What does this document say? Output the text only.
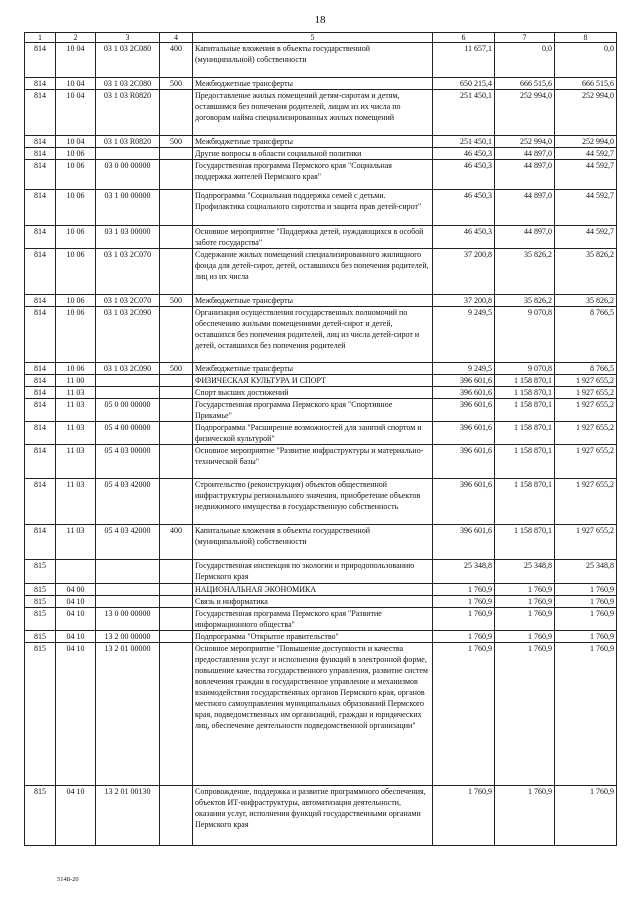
18
1	2	3	4	5	6	7	8
814	10 04	03 1 03 2С080	400	Капитальные вложения в объекты государственной (муниципальной) собственности	11 657,1	0,0	0,0
814	10 04	03 1 03 2С080	500	Межбюджетные трансферты	650 215,4	666 515,6	666 515,6
814	10 04	03 1 03 R0820		Предоставление жилых помещений детям-сиротам и детям, оставшимся без попечения родителей, лицам из их числа по договорам найма специализированных жилых помещений	251 450,1	252 994,0	252 994,0
814	10 04	03 1 03 R0820	500	Межбюджетные трансферты	251 450,1	252 994,0	252 994,0
814	10 06			Другие вопросы в области социальной политики	46 450,3	44 897,0	44 592,7
814	10 06	03 0 00 00000		Государственная программа Пермского края "Социальная поддержка жителей Пермского края"	46 450,3	44 897,0	44 592,7
814	10 06	03 1 00 00000		Подпрограмма "Социальная поддержка семей с детьми. Профилактика социального сиротства и защита прав детей-сирот"	46 450,3	44 897,0	44 592,7
814	10 06	03 1 03 00000		Основное мероприятие "Поддержка детей, нуждающихся в особой заботе государства"	46 450,3	44 897,0	44 592,7
814	10 06	03 1 03 2С070		Содержание жилых помещений специализированного жилищного фонда для детей-сирот, детей, оставшихся без попечения родителей, лиц из их числа	37 200,8	35 826,2	35 826,2
814	10 06	03 1 03 2С070	500	Межбюджетные трансферты	37 200,8	35 826,2	35 826,2
814	10 06	03 1 03 2С090		Организация осуществления государственных полномочий по обеспечению жилыми помещениями детей-сирот и детей, оставшихся без попечения родителей, лиц из числа детей-сирот и детей, оставшихся без попечения родителей	9 249,5	9 070,8	8 766,5
814	10 06	03 1 03 2С090	500	Межбюджетные трансферты	9 249,5	9 070,8	8 766,5
814	11 00			ФИЗИЧЕСКАЯ КУЛЬТУРА И СПОРТ	396 601,6	1 158 870,1	1 927 655,2
814	11 03			Спорт высших достижений	396 601,6	1 158 870,1	1 927 655,2
814	11 03	05 0 00 00000		Государственная программа Пермского края "Спортивное Прикамье"	396 601,6	1 158 870,1	1 927 655,2
814	11 03	05 4 00 00000		Подпрограмма "Расширение возможностей для занятий спортом и физической культурой"	396 601,6	1 158 870,1	1 927 655,2
814	11 03	05 4 03 00000		Основное мероприятие "Развитие инфраструктуры и материально-технической базы"	396 601,6	1 158 870,1	1 927 655,2
814	11 03	05 4 03 42000		Строительство (реконструкция) объектов общественной инфраструктуры регионального значения, приобретение объектов недвижимого имущества в государственную собственность	396 601,6	1 158 870,1	1 927 655,2
814	11 03	05 4 03 42000	400	Капитальные вложения в объекты государственной (муниципальной) собственности	396 601,6	1 158 870,1	1 927 655,2
815				Государственная инспекция по экологии и природопользованию Пермского края	25 348,8	25 348,8	25 348,8
815	04 00			НАЦИОНАЛЬНАЯ ЭКОНОМИКА	1 760,9	1 760,9	1 760,9
815	04 10			Связь и информатика	1 760,9	1 760,9	1 760,9
815	04 10	13 0 00 00000		Государственная программа Пермского края "Развитие информационного общества"	1 760,9	1 760,9	1 760,9
815	04 10	13 2 00 00000		Подпрограмма "Открытое правительство"	1 760,9	1 760,9	1 760,9
815	04 10	13 2 01 00000		Основное мероприятие "Повышение доступности и качества предоставления услуг и исполнения функций в электронной форме, повышение качества государственного управления, развитие систем вовлечения граждан в государственное управление и механизмов взаимодействия государственных органов Пермского края, органов местного самоуправления муниципальных образований Пермского края, подведомственных им организаций, граждан и юридических лиц, обеспечение деятельности подведомственной организации"	1 760,9	1 760,9	1 760,9
815	04 10	13 2 01 00130		Сопровождение, поддержка и развитие программного обеспечения, объектов ИТ-инфраструктуры, автоматизация деятельности, оказания услуг, исполнения функций государственными органами Пермского края	1 760,9	1 760,9	1 760,9
5148-20
